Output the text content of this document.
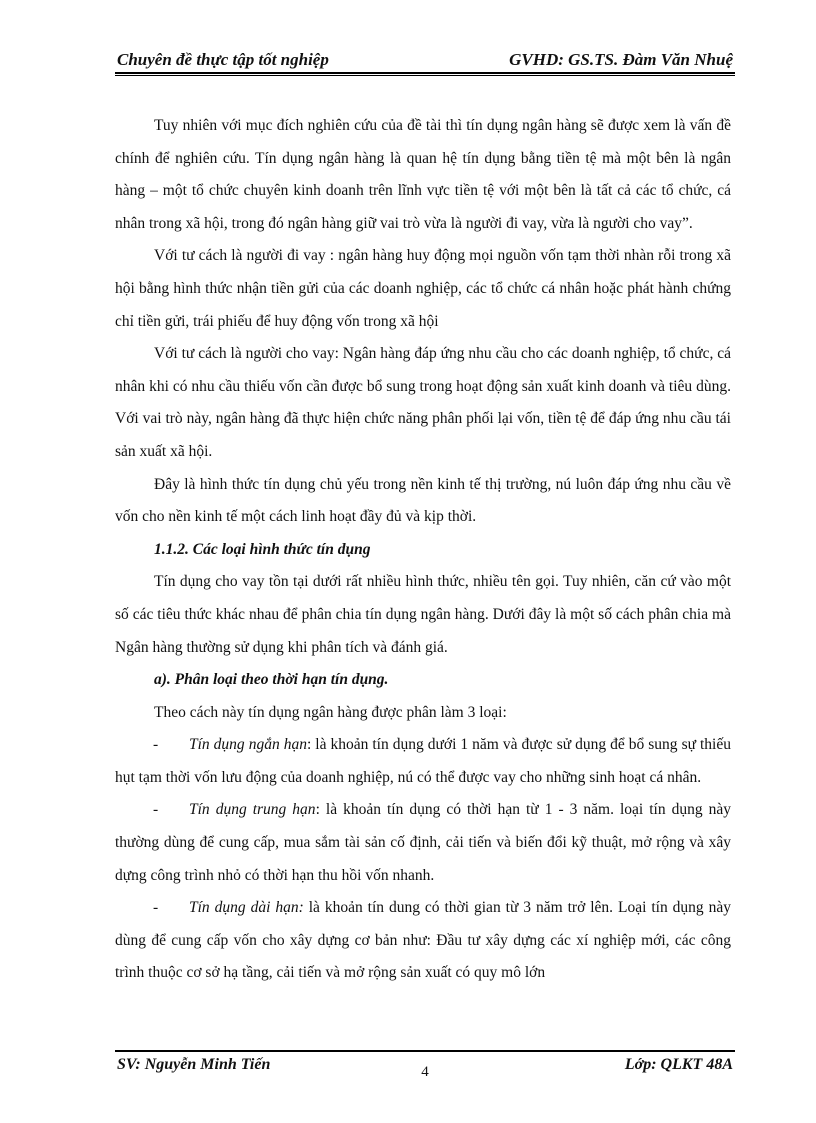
Chuyên đề thực tập tốt nghiệp	GVHD: GS.TS. Đàm Văn Nhuệ

Tuy nhiên với mục đích nghiên cứu của đề tài thì tín dụng ngân hàng sẽ được xem là vấn đề chính để nghiên cứu. Tín dụng ngân hàng là quan hệ tín dụng bằng tiền tệ mà một bên là ngân hàng – một tổ chức chuyên kinh doanh trên lĩnh vực tiền tệ với một bên là tất cả các tổ chức, cá nhân trong xã hội, trong đó ngân hàng giữ vai trò vừa là người đi vay, vừa là người cho vay”.

Với tư cách là người đi vay : ngân hàng huy động mọi nguồn vốn tạm thời nhàn rỗi trong xã hội bằng hình thức nhận tiền gửi của các doanh nghiệp, các tổ chức cá nhân hoặc phát hành chứng chỉ tiền gửi, trái phiếu để huy động vốn trong xã hội

Với tư cách là người cho vay: Ngân hàng đáp ứng nhu cầu cho các doanh nghiệp, tổ chức, cá nhân khi có nhu cầu thiếu vốn cần được bổ sung trong hoạt động sản xuất kinh doanh và tiêu dùng. Với vai trò này, ngân hàng đã thực hiện chức năng phân phối lại vốn, tiền tệ để đáp ứng nhu cầu tái sản xuất xã hội.

Đây là hình thức tín dụng chủ yếu trong nền kinh tế thị trường, nú luôn đáp ứng nhu cầu về vốn cho nền kinh tế một cách linh hoạt đầy đủ và kịp thời.

1.1.2. Các loại hình thức tín dụng

Tín dụng cho vay tồn tại dưới rất nhiều hình thức, nhiều tên gọi. Tuy nhiên, căn cứ vào một số các tiêu thức khác nhau để phân chia tín dụng ngân hàng. Dưới đây là một số cách phân chia mà Ngân hàng thường sử dụng khi phân tích và đánh giá.

a). Phân loại theo thời hạn tín dụng.

Theo cách này tín dụng ngân hàng được phân làm 3 loại:

- Tín dụng ngắn hạn: là khoản tín dụng dưới 1 năm và được sử dụng để bổ sung sự thiếu hụt tạm thời vốn lưu động của doanh nghiệp, nú có thể được vay cho những sinh hoạt cá nhân.

- Tín dụng trung hạn: là khoản tín dụng có thời hạn từ 1 - 3 năm. loại tín dụng này thường dùng để cung cấp, mua sắm tài sản cố định, cải tiến và biến đổi kỹ thuật, mở rộng và xây dựng công trình nhỏ có thời hạn thu hồi vốn nhanh.

- Tín dụng dài hạn: là khoản tín dung có thời gian từ 3 năm trở lên. Loại tín dụng này dùng để cung cấp vốn cho xây dựng cơ bản như: Đầu tư xây dựng các xí nghiệp mới, các công trình thuộc cơ sở hạ tầng, cải tiến và mở rộng sản xuất có quy mô lớn

SV: Nguyễn Minh Tiến	4	Lớp: QLKT 48A
